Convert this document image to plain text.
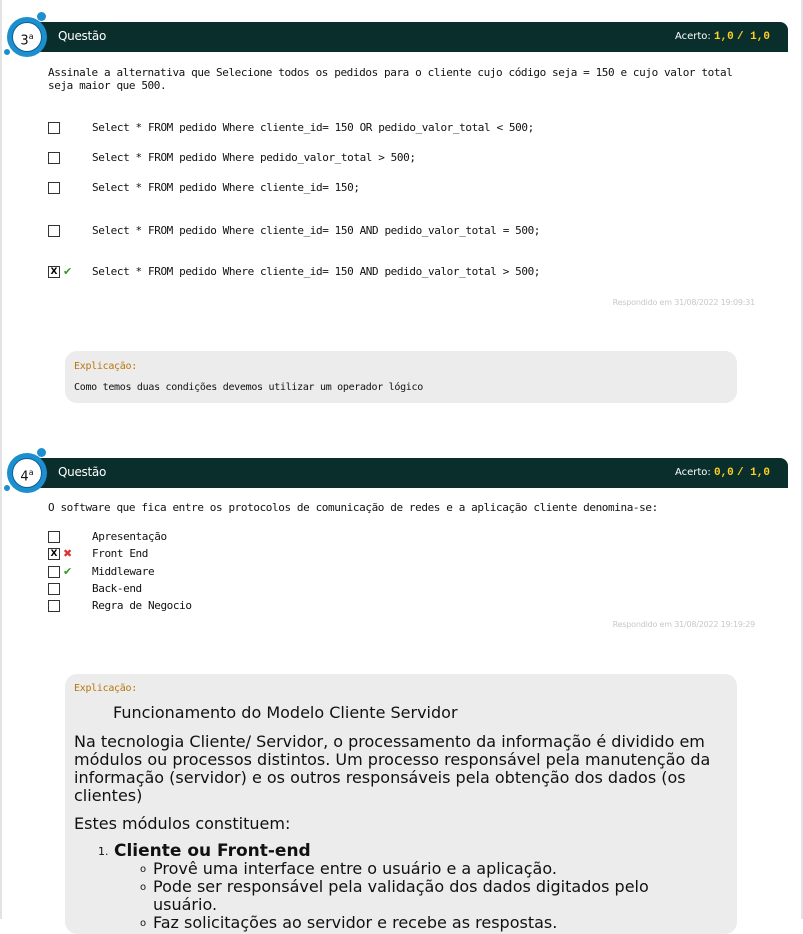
Questão	Acerto: 1,0 / 1,0
3$^a$
Assinale a alternativa que Selecione todos os pedidos para o cliente cujo código seja = 150 e cujo valor total seja maior que 500.
Select * FROM pedido Where cliente_id= 150 OR pedido_valor_total < 500;
Select * FROM pedido Where pedido_valor_total > 500;
Select * FROM pedido Where cliente_id= 150;
Select * FROM pedido Where cliente_id= 150 AND pedido_valor_total = 500;
X ✔ Select * FROM pedido Where cliente_id= 150 AND pedido_valor_total > 500;
Respondido em 31/08/2022 19:09:31
Explicação:
Como temos duas condições devemos utilizar um operador lógico
Questão	Acerto: 0,0 / 1,0
4$^a$
O software que fica entre os protocolos de comunicação de redes e a aplicação cliente denomina-se:
Apresentação
X ✖ Front End
✔ Middleware
Back-end
Regra de Negocio
Respondido em 31/08/2022 19:19:29
Explicação:
Funcionamento do Modelo Cliente Servidor
Na tecnologia Cliente/ Servidor, o processamento da informação é dividido em módulos ou processos distintos. Um processo responsável pela manutenção da informação (servidor) e os outros responsáveis pela obtenção dos dados (os clientes)
Estes módulos constituem:
1. Cliente ou Front-end
o Provê uma interface entre o usuário e a aplicação.
o Pode ser responsável pela validação dos dados digitados pelo usuário.
o Faz solicitações ao servidor e recebe as respostas.
